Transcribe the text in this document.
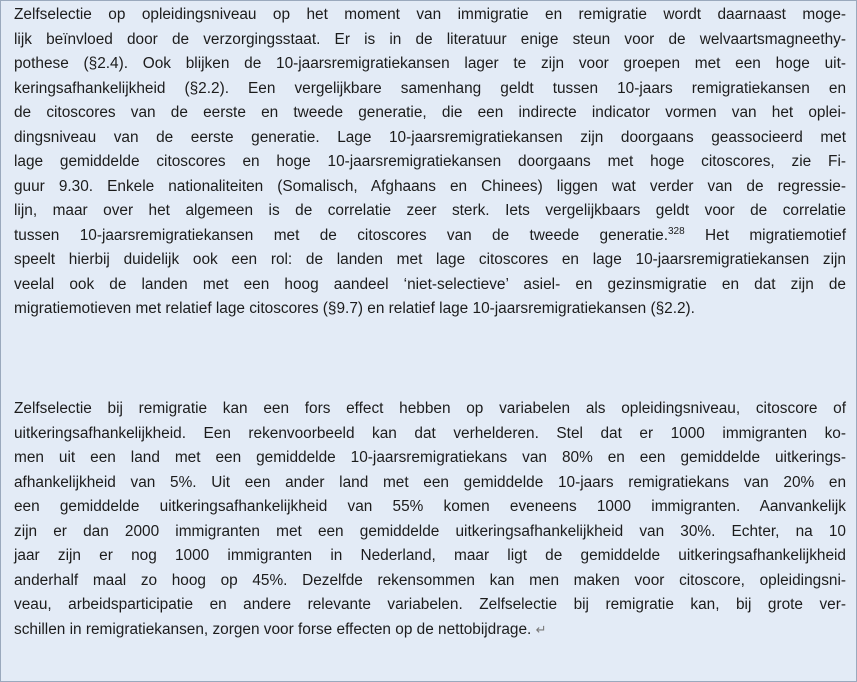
Zelfselectie op opleidingsniveau op het moment van immigratie en remigratie wordt daarnaast moge-
lijk beïnvloed door de verzorgingsstaat. Er is in de literatuur enige steun voor de welvaartsmagneethy-
pothese (§2.4). Ook blijken de 10-jaarsremigratiekansen lager te zijn voor groepen met een hoge uit-
keringsafhankelijkheid (§2.2). Een vergelijkbare samenhang geldt tussen 10-jaars remigratiekansen en
de citoscores van de eerste en tweede generatie, die een indirecte indicator vormen van het oplei-
dingsniveau van de eerste generatie. Lage 10-jaarsremigratiekansen zijn doorgaans geassocieerd met
lage gemiddelde citoscores en hoge 10-jaarsremigratiekansen doorgaans met hoge citoscores, zie Fi-
guur 9.30. Enkele nationaliteiten (Somalisch, Afghaans en Chinees) liggen wat verder van de regressie-
lijn, maar over het algemeen is de correlatie zeer sterk. Iets vergelijkbaars geldt voor de correlatie
tussen 10-jaarsremigratiekansen met de citoscores van de tweede generatie.$^{328}$ Het migratiemotief
speelt hierbij duidelijk ook een rol: de landen met lage citoscores en lage 10-jaarsremigratiekansen zijn
veelal ook de landen met een hoog aandeel ‘niet-selectieve’ asiel- en gezinsmigratie en dat zijn de
migratiemotieven met relatief lage citoscores (§9.7) en relatief lage 10-jaarsremigratiekansen (§2.2).

Zelfselectie bij remigratie kan een fors effect hebben op variabelen als opleidingsniveau, citoscore of
uitkeringsafhankelijkheid. Een rekenvoorbeeld kan dat verhelderen. Stel dat er 1000 immigranten ko-
men uit een land met een gemiddelde 10-jaarsremigratiekans van 80% en een gemiddelde uitkerings-
afhankelijkheid van 5%. Uit een ander land met een gemiddelde 10-jaars remigratiekans van 20% en
een gemiddelde uitkeringsafhankelijkheid van 55% komen eveneens 1000 immigranten. Aanvankelijk
zijn er dan 2000 immigranten met een gemiddelde uitkeringsafhankelijkheid van 30%. Echter, na 10
jaar zijn er nog 1000 immigranten in Nederland, maar ligt de gemiddelde uitkeringsafhankelijkheid
anderhalf maal zo hoog op 45%. Dezelfde rekensommen kan men maken voor citoscore, opleidingsni-
veau, arbeidsparticipatie en andere relevante variabelen. Zelfselectie bij remigratie kan, bij grote ver-
schillen in remigratiekansen, zorgen voor forse effecten op de nettobijdrage. ↵
